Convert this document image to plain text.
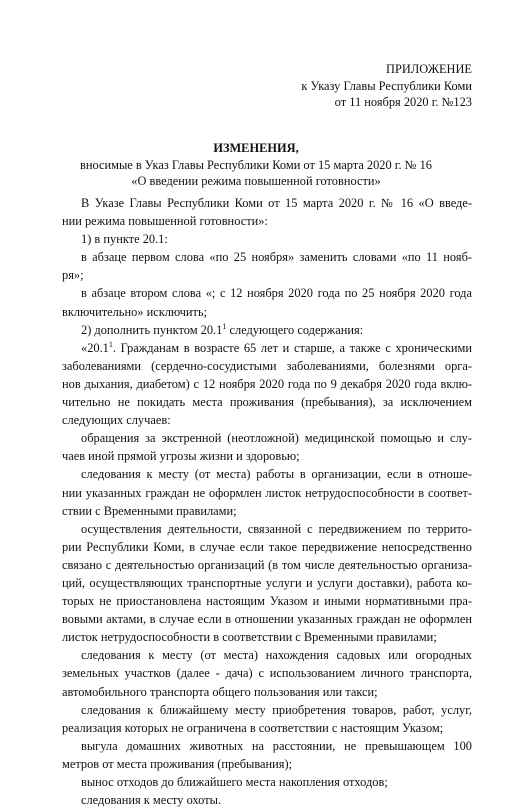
ПРИЛОЖЕНИЕ
к Указу Главы Республики Коми
от 11 ноября 2020 г. №123
ИЗМЕНЕНИЯ,
вносимые в Указ Главы Республики Коми от 15 марта 2020 г. № 16
«О введении режима повышенной готовности»
В Указе Главы Республики Коми от 15 марта 2020 г. № 16 «О введе-
нии режима повышенной готовности»:
1) в пункте 20.1:
в абзаце первом слова «по 25 ноября» заменить словами «по 11 нояб-
ря»;
в абзаце втором слова «; с 12 ноября 2020 года по 25 ноября 2020 года
включительно» исключить;
2) дополнить пунктом 20.1$^1$ следующего содержания:
«20.1$^1$. Гражданам в возрасте 65 лет и старше, а также с хроническими
заболеваниями (сердечно-сосудистыми заболеваниями, болезнями орга-
нов дыхания, диабетом) с 12 ноября 2020 года по 9 декабря 2020 года вклю-
чительно не покидать места проживания (пребывания), за исключением
следующих случаев:
обращения за экстренной (неотложной) медицинской помощью и слу-
чаев иной прямой угрозы жизни и здоровью;
следования к месту (от места) работы в организации, если в отноше-
нии указанных граждан не оформлен листок нетрудоспособности в соответ-
ствии с Временными правилами;
осуществления деятельности, связанной с передвижением по террито-
рии Республики Коми, в случае если такое передвижение непосредственно
связано с деятельностью организаций (в том числе деятельностью организа-
ций, осуществляющих транспортные услуги и услуги доставки), работа ко-
торых не приостановлена настоящим Указом и иными нормативными пра-
вовыми актами, в случае если в отношении указанных граждан не оформлен
листок нетрудоспособности в соответствии с Временными правилами;
следования к месту (от места) нахождения садовых или огородных
земельных участков (далее - дача) с использованием личного транспорта,
автомобильного транспорта общего пользования или такси;
следования к ближайшему месту приобретения товаров, работ, услуг,
реализация которых не ограничена в соответствии с настоящим Указом;
выгула домашних животных на расстоянии, не превышающем 100
метров от места проживания (пребывания);
вынос отходов до ближайшего места накопления отходов;
следования к месту охоты.
